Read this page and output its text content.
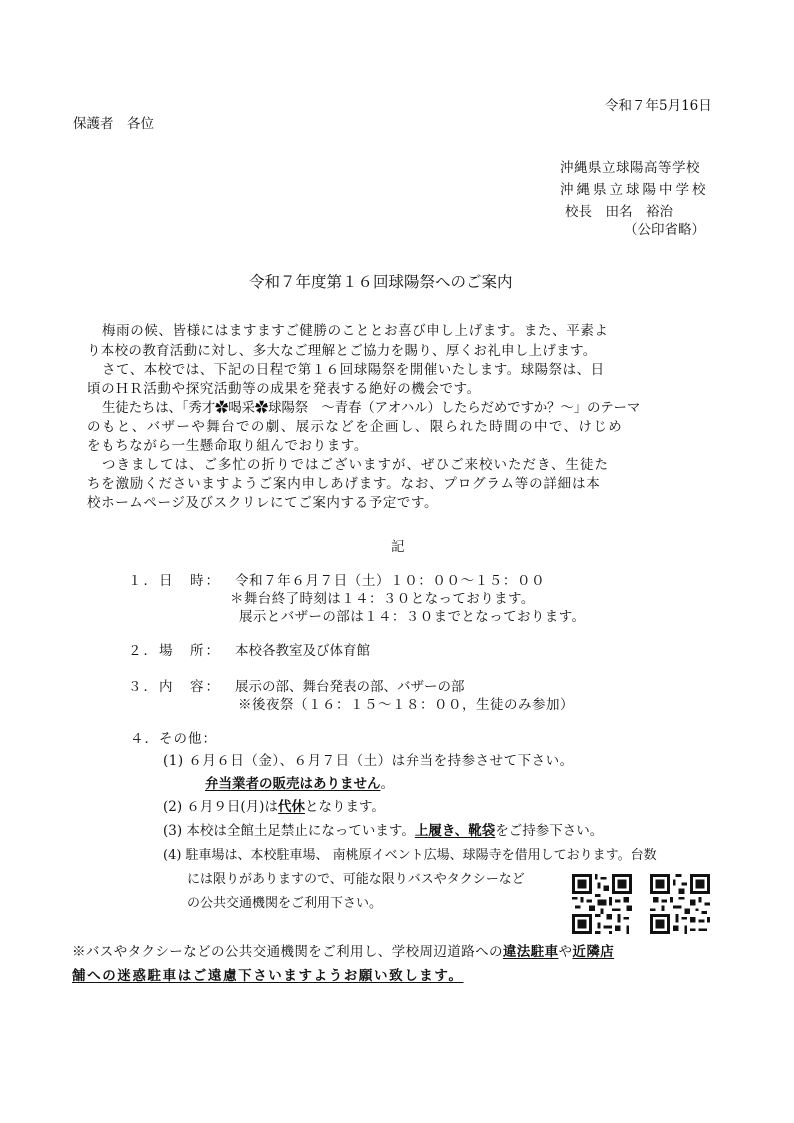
令和７年5月16日
保護者　各位
沖縄県立球陽高等学校
沖縄県立球陽中学校
校長　田名　裕治
（公印省略）
令和７年度第１６回球陽祭へのご案内
梅雨の候、皆様にはますますご健勝のこととお喜び申し上げます。また、平素よ
り本校の教育活動に対し、多大なご理解とご協力を賜り、厚くお礼申し上げます。
さて、本校では、下記の日程で第１６回球陽祭を開催いたします。球陽祭は、日
頃のＨＲ活動や探究活動等の成果を発表する絶好の機会です。
生徒たちは、「秀才✿喝采✿球陽祭　～青春（アオハル）したらだめですか？～」のテーマ
のもと、バザーや舞台での劇、展示などを企画し、限られた時間の中で、けじめ
をもちながら一生懸命取り組んでおります。
つきましては、ご多忙の折りではございますが、ぜひご来校いただき、生徒た
ちを激励くださいますようご案内申しあげます。なお、プログラム等の詳細は本
校ホームページ及びスクリレにてご案内する予定です。
記
１．日　時： 令和７年６月７日（土）１０：００～１５：００
＊舞台終了時刻は１４：３０となっております。
展示とバザーの部は１４：３０までとなっております。
２．場　所： 本校各教室及び体育館
３．内　容： 展示の部、舞台発表の部、バザーの部
※後夜祭（１６：１５～１８：００，生徒のみ参加）
４．その他：
(1) ６月６日（金）、６月７日（土）は弁当を持参させて下さい。
弁当業者の販売はありません。
(2) ６月９日(月)は代休となります。
(3) 本校は全館土足禁止になっています。上履き、靴袋をご持参下さい。
(4) 駐車場は、本校駐車場、 南桃原イベント広場、球陽寺を借用しております。台数
には限りがありますので、可能な限りバスやタクシーなど
の公共交通機関をご利用下さい。
※バスやタクシーなどの公共交通機関をご利用し、学校周辺道路への違法駐車や近隣店
舗への迷惑駐車はご遠慮下さいますようお願い致します。
